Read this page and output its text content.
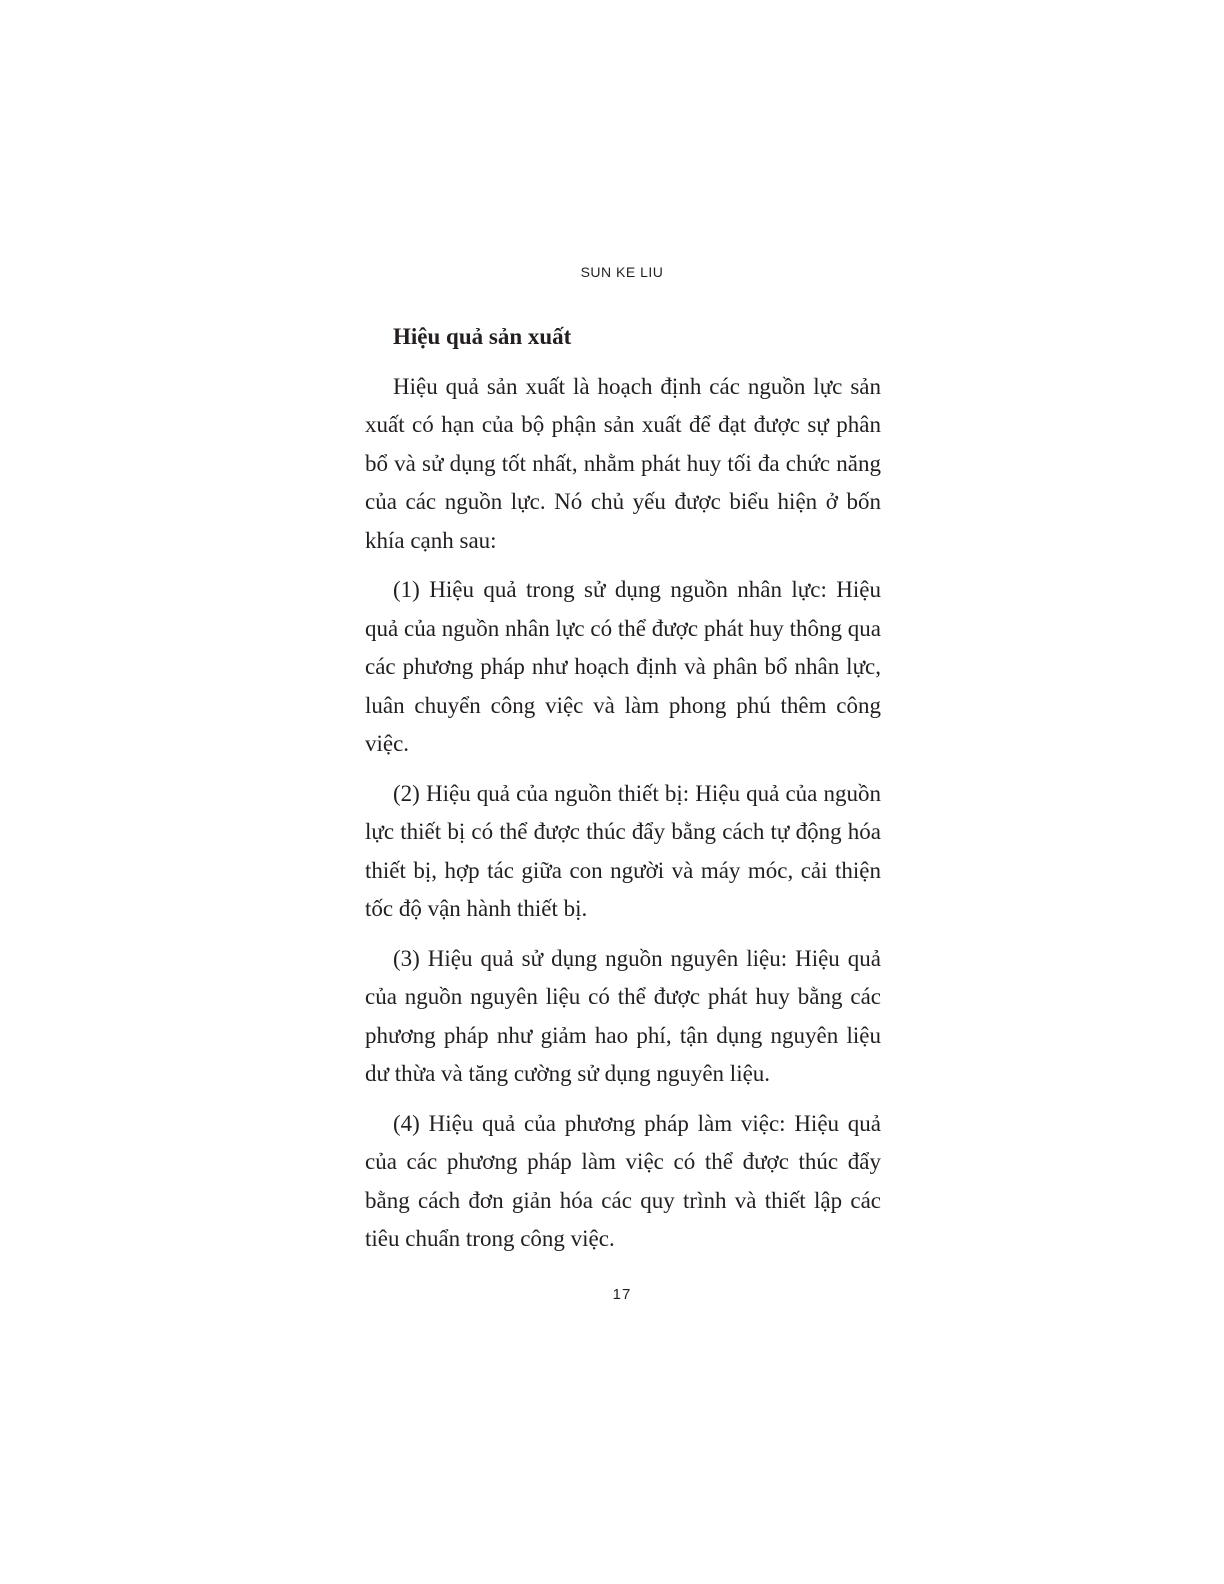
SUN KE LIU
Hiệu quả sản xuất

Hiệu quả sản xuất là hoạch định các nguồn lực sản xuất có hạn của bộ phận sản xuất để đạt được sự phân bổ và sử dụng tốt nhất, nhằm phát huy tối đa chức năng của các nguồn lực. Nó chủ yếu được biểu hiện ở bốn khía cạnh sau:

(1) Hiệu quả trong sử dụng nguồn nhân lực: Hiệu quả của nguồn nhân lực có thể được phát huy thông qua các phương pháp như hoạch định và phân bổ nhân lực, luân chuyển công việc và làm phong phú thêm công việc.

(2) Hiệu quả của nguồn thiết bị: Hiệu quả của nguồn lực thiết bị có thể được thúc đẩy bằng cách tự động hóa thiết bị, hợp tác giữa con người và máy móc, cải thiện tốc độ vận hành thiết bị.

(3) Hiệu quả sử dụng nguồn nguyên liệu: Hiệu quả của nguồn nguyên liệu có thể được phát huy bằng các phương pháp như giảm hao phí, tận dụng nguyên liệu dư thừa và tăng cường sử dụng nguyên liệu.

(4) Hiệu quả của phương pháp làm việc: Hiệu quả của các phương pháp làm việc có thể được thúc đẩy bằng cách đơn giản hóa các quy trình và thiết lập các tiêu chuẩn trong công việc.

17
